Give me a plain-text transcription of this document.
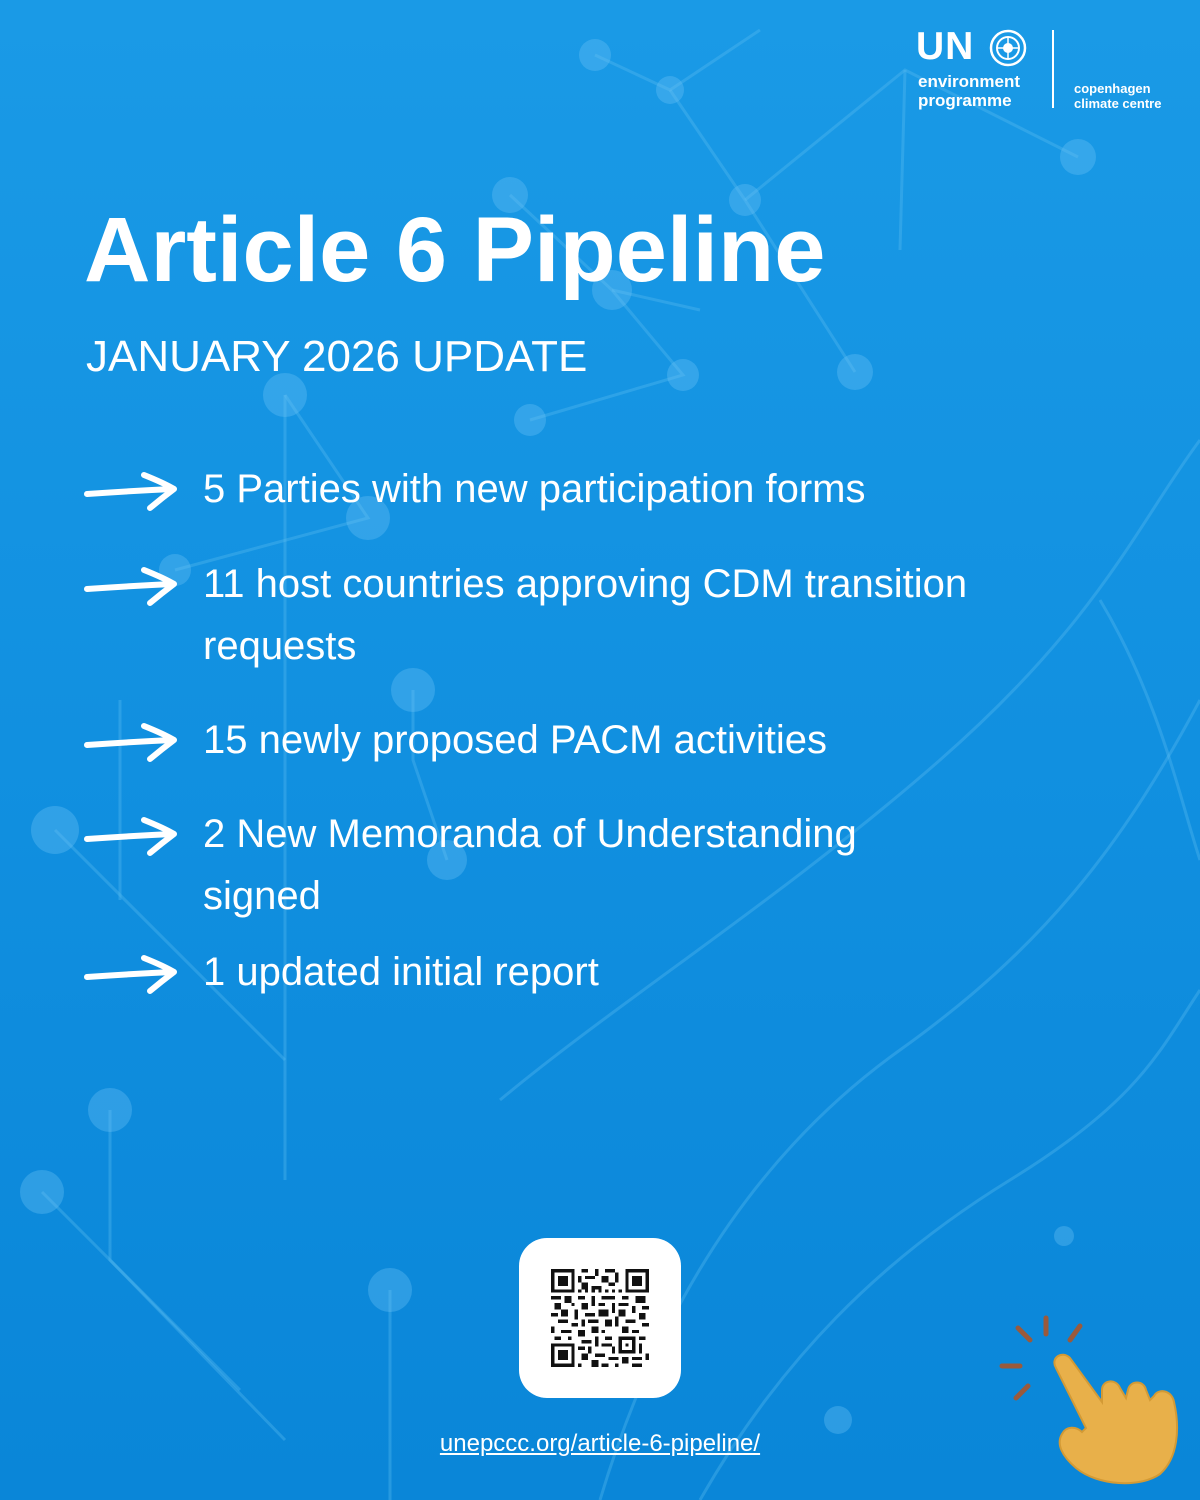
UN
environment
programme
copenhagen
climate centre
Article 6 Pipeline
JANUARY 2026 UPDATE
5 Parties with new participation forms
11 host countries approving CDM transition
requests
15 newly proposed PACM activities
2 New Memoranda of Understanding
signed
1 updated initial report
unepccc.org/article-6-pipeline/
